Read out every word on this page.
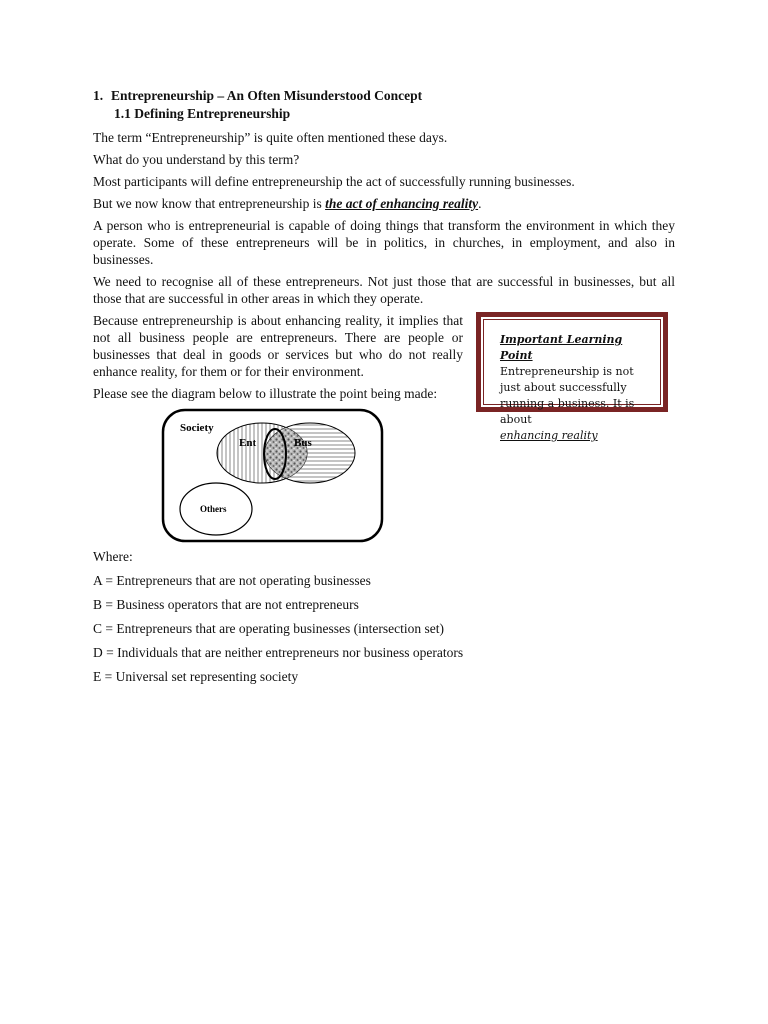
1. Entrepreneurship – An Often Misunderstood Concept
1.1 Defining Entrepreneurship

The term “Entrepreneurship” is quite often mentioned these days.

What do you understand by this term?

Most participants will define entrepreneurship the act of successfully running businesses.

But we now know that entrepreneurship is the act of enhancing reality.

A person who is entrepreneurial is capable of doing things that transform the environment in which they operate. Some of these entrepreneurs will be in politics, in churches, in employment, and also in businesses.

We need to recognise all of these entrepreneurs. Not just those that are successful in businesses, but all those that are successful in other areas in which they operate.

Because entrepreneurship is about enhancing reality, it implies that not all business people are entrepreneurs. There are people or businesses that deal in goods or services but who do not really enhance reality, for them or for their environment.

Please see the diagram below to illustrate the point being made:

Important Learning Point
Entrepreneurship is not just about successfully running a business. It is about
enhancing reality
Society
Ent	Bus
Others

Where:

A = Entrepreneurs that are not operating businesses

B = Business operators that are not entrepreneurs

C = Entrepreneurs that are operating businesses (intersection set)

D = Individuals that are neither entrepreneurs nor business operators

E = Universal set representing society
